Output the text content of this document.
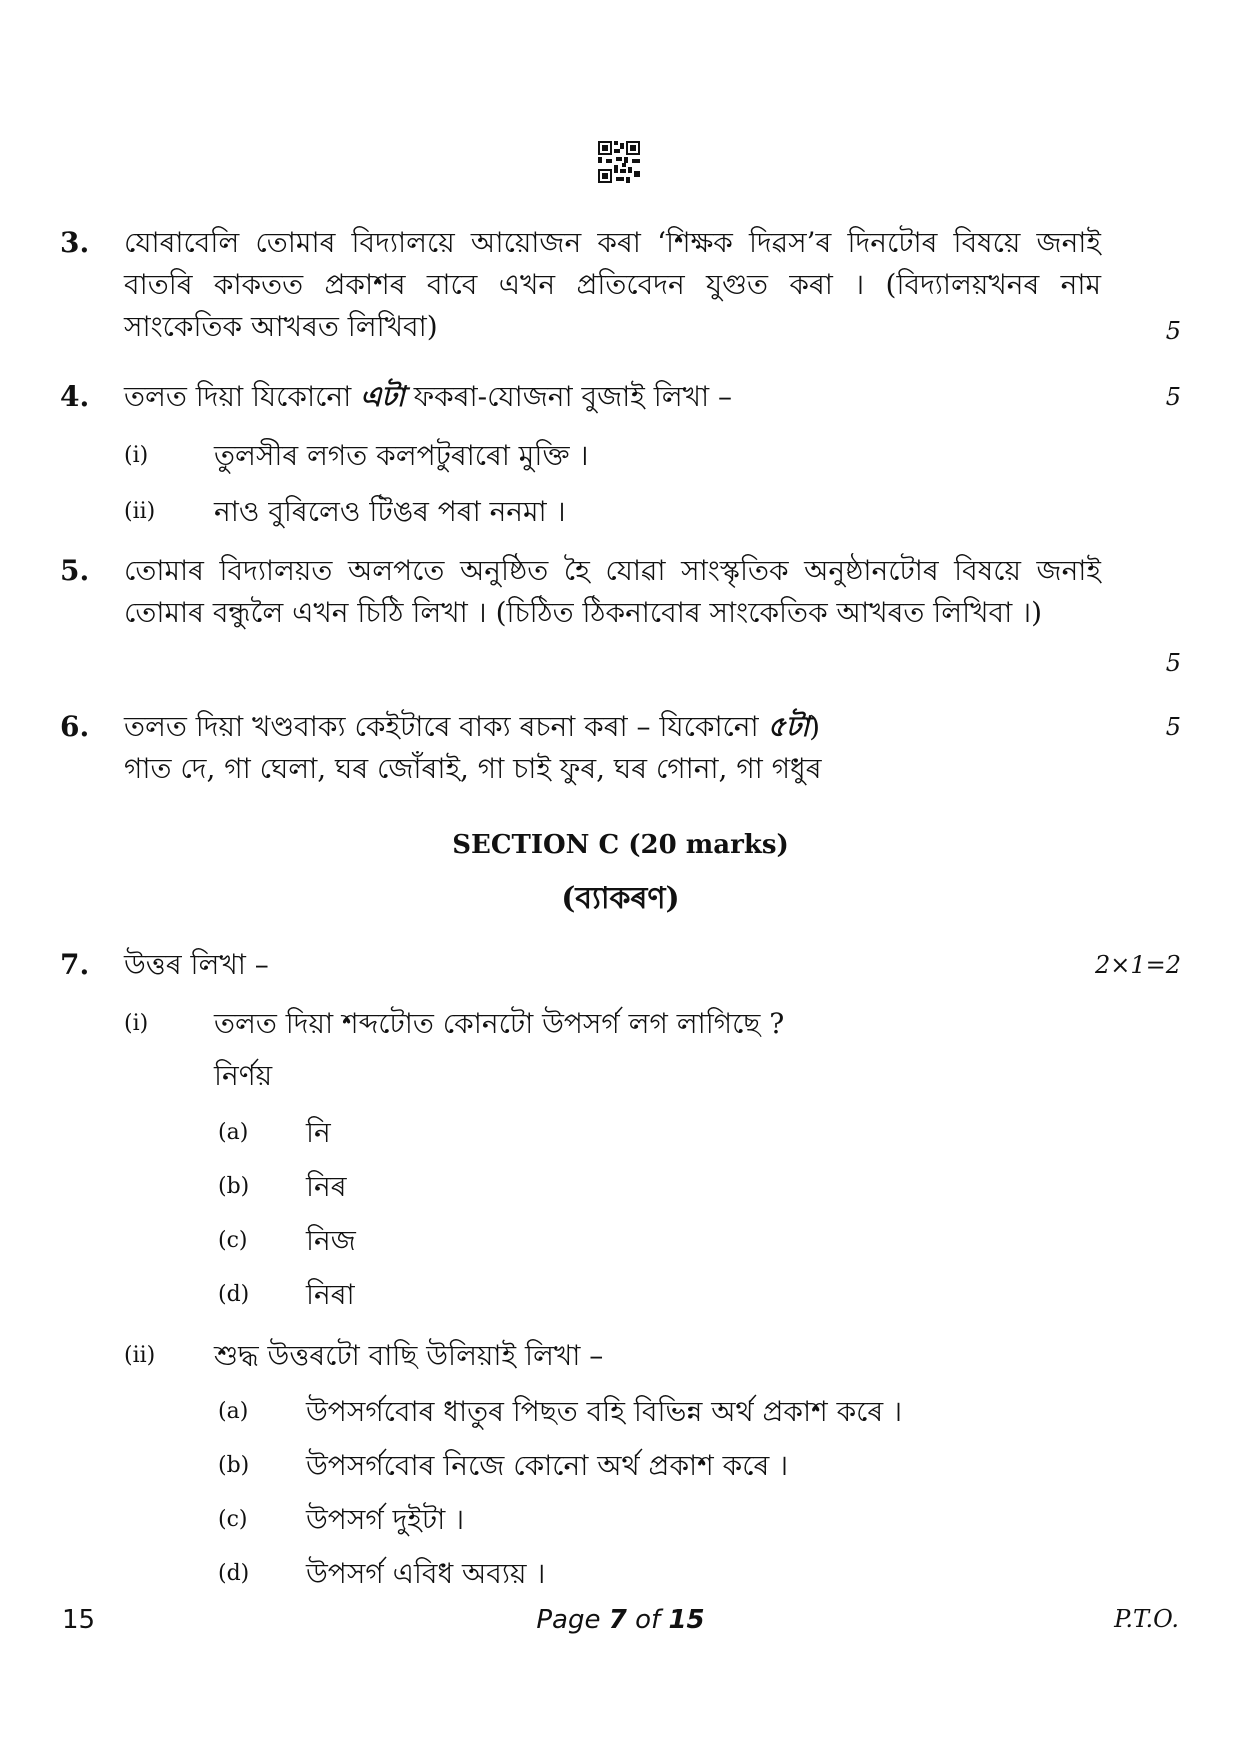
3. যোৰাবেলি তোমাৰ বিদ্যালয়ে আয়োজন কৰা ‘শিক্ষক দিৱস’ৰ দিনটোৰ বিষয়ে জনাই বাতৰি কাকতত প্ৰকাশৰ বাবে এখন প্ৰতিবেদন যুগুত কৰা । (বিদ্যালয়খনৰ নাম সাংকেতিক আখৰত লিখিবা)	5
4. তলত দিয়া যিকোনো এটা ফকৰা-যোজনা বুজাই লিখা –	5
(i) তুলসীৰ লগত কলপটুৰাৰো মুক্তি ।
(ii) নাও বুৰিলেও টিঙৰ পৰা ননমা ।
5. তোমাৰ বিদ্যালয়ত অলপতে অনুষ্ঠিত হৈ যোৱা সাংস্কৃতিক অনুষ্ঠানটোৰ বিষয়ে জনাই তোমাৰ বন্ধুলৈ এখন চিঠি লিখা । (চিঠিত ঠিকনাবোৰ সাংকেতিক আখৰত লিখিবা ।)
5
6. তলত দিয়া খণ্ডবাক্য কেইটাৰে বাক্য ৰচনা কৰা – যিকোনো ৫টা)
গাত দে, গা ঘেলা, ঘৰ জোঁৰাই, গা চাই ফুৰ, ঘৰ গোনা, গা গধুৰ
5
SECTION C (20 marks)
(ব্যাকৰণ)
7. উত্তৰ লিখা –	2×1=2
(i) তলত দিয়া শব্দটোত কোনটো উপসৰ্গ লগ লাগিছে ?
নিৰ্ণয়
(a) নি
(b) নিৰ
(c) নিজ
(d) নিৰা
(ii) শুদ্ধ উত্তৰটো বাছি উলিয়াই লিখা –
(a) উপসৰ্গবোৰ ধাতুৰ পিছত বহি বিভিন্ন অৰ্থ প্ৰকাশ কৰে ।
(b) উপসৰ্গবোৰ নিজে কোনো অৰ্থ প্ৰকাশ কৰে ।
(c) উপসৰ্গ দুইটা ।
(d) উপসৰ্গ এবিধ অব্যয় ।
15	Page 7 of 15	P.T.O.
